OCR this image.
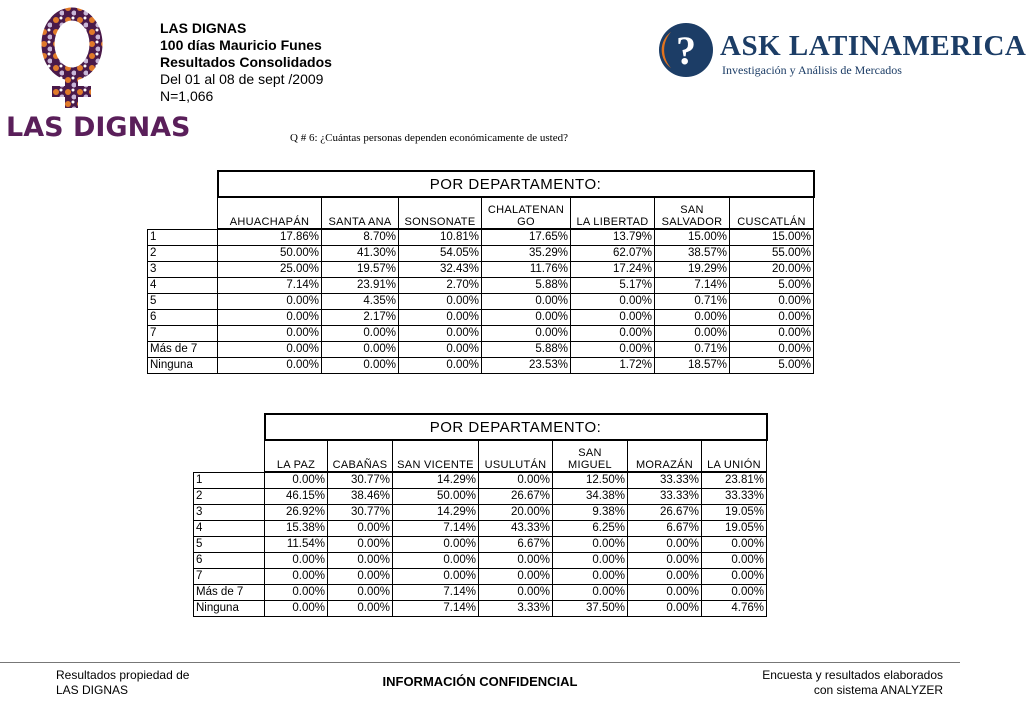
LAS DIGNAS
LAS DIGNAS
100 días Mauricio Funes
Resultados Consolidados
Del 01 al 08 de sept /2009
N=1,066
? ASK LATINAMERICA
Investigación y Análisis de Mercados
Q # 6: ¿Cuántas personas dependen económicamente de usted?
	POR DEPARTAMENTO:						
	AHUACHAPÁN	SANTA ANA	SONSONATE	CHALATENAN GO	LA LIBERTAD	SAN SALVADOR	CUSCATLÁN
1	17.86%	8.70%	10.81%	17.65%	13.79%	15.00%	15.00%
2	50.00%	41.30%	54.05%	35.29%	62.07%	38.57%	55.00%
3	25.00%	19.57%	32.43%	11.76%	17.24%	19.29%	20.00%
4	7.14%	23.91%	2.70%	5.88%	5.17%	7.14%	5.00%
5	0.00%	4.35%	0.00%	0.00%	0.00%	0.71%	0.00%
6	0.00%	2.17%	0.00%	0.00%	0.00%	0.00%	0.00%
7	0.00%	0.00%	0.00%	0.00%	0.00%	0.00%	0.00%
Más de 7	0.00%	0.00%	0.00%	5.88%	0.00%	0.71%	0.00%
Ninguna	0.00%	0.00%	0.00%	23.53%	1.72%	18.57%	5.00%
	POR DEPARTAMENTO:						
	LA PAZ	CABAÑAS	SAN VICENTE	USULUTÁN	SAN MIGUEL	MORAZÁN	LA UNIÓN
1	0.00%	30.77%	14.29%	0.00%	12.50%	33.33%	23.81%
2	46.15%	38.46%	50.00%	26.67%	34.38%	33.33%	33.33%
3	26.92%	30.77%	14.29%	20.00%	9.38%	26.67%	19.05%
4	15.38%	0.00%	7.14%	43.33%	6.25%	6.67%	19.05%
5	11.54%	0.00%	0.00%	6.67%	0.00%	0.00%	0.00%
6	0.00%	0.00%	0.00%	0.00%	0.00%	0.00%	0.00%
7	0.00%	0.00%	0.00%	0.00%	0.00%	0.00%	0.00%
Más de 7	0.00%	0.00%	7.14%	0.00%	0.00%	0.00%	0.00%
Ninguna	0.00%	0.00%	7.14%	3.33%	37.50%	0.00%	4.76%
Resultados propiedad de
LAS DIGNAS
INFORMACIÓN CONFIDENCIAL	Encuesta y resultados elaborados
con sistema ANALYZER
